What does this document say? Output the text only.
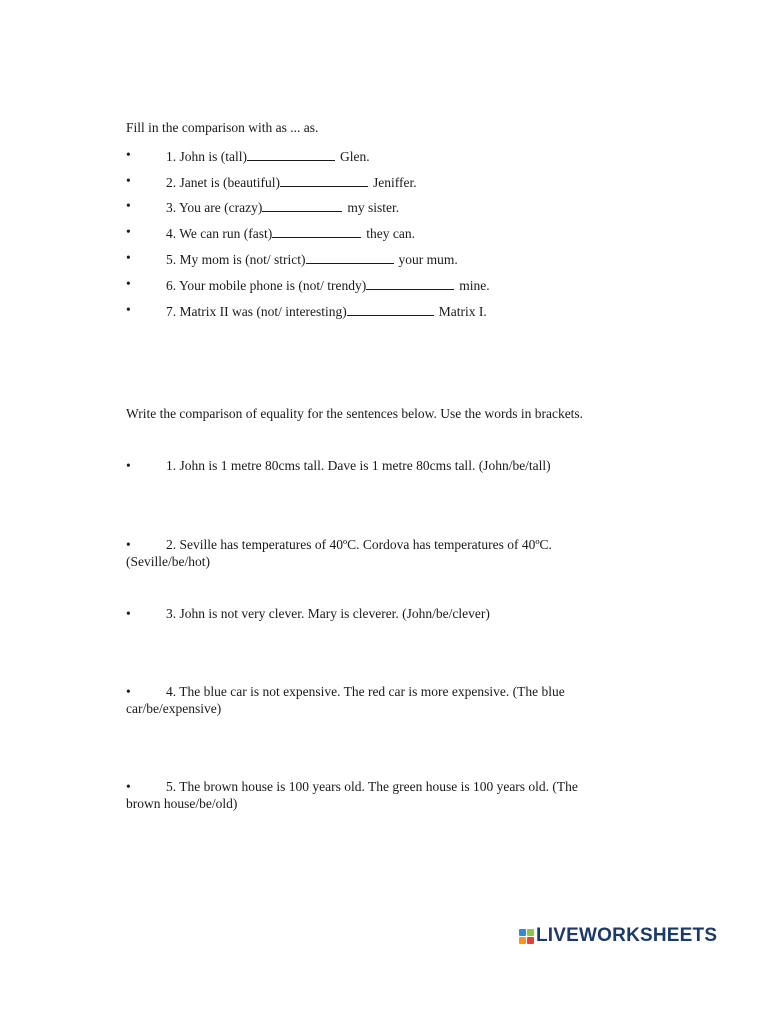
Fill in the comparison with as ... as.
•	1. John is (tall)	Glen.
•	2. Janet is (beautiful)	Jeniffer.
•	3. You are (crazy)	my sister.
•	4. We can run (fast)	they can.
•	5. My mom is (not/ strict)	your mum.
•	6. Your mobile phone is (not/ trendy)	mine.
•	7. Matrix II was (not/ interesting)	Matrix I.
Write the comparison of equality for the sentences below. Use the words in brackets.
•	1. John is 1 metre 80cms tall. Dave is 1 metre 80cms tall. (John/be/tall)
•	2. Seville has temperatures of 40ºC. Cordova has temperatures of 40ºC.
(Seville/be/hot)
•	3. John is not very clever. Mary is cleverer. (John/be/clever)
•	4. The blue car is not expensive. The red car is more expensive. (The blue
car/be/expensive)
•	5. The brown house is 100 years old. The green house is 100 years old. (The
brown house/be/old)
LIVEWORKSHEETS
